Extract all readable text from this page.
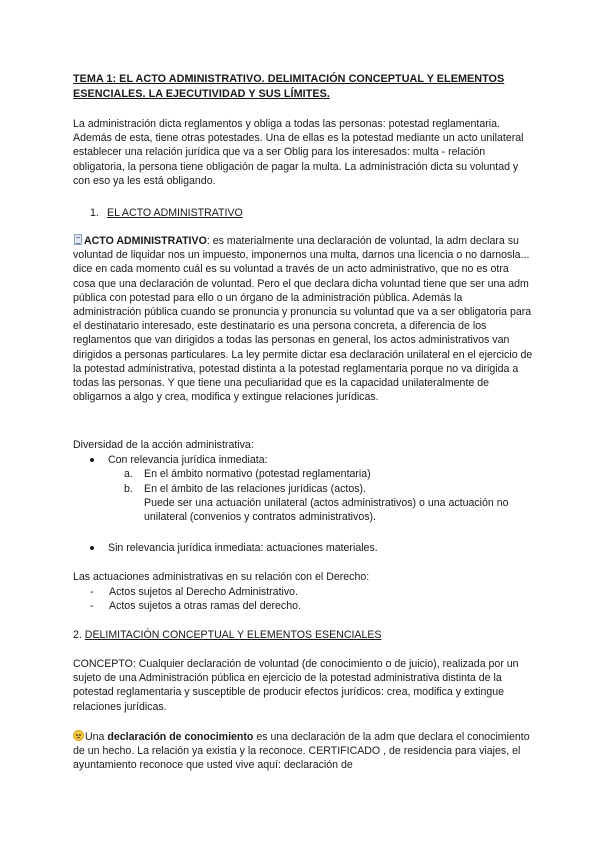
TEMA 1: EL ACTO ADMINISTRATIVO. DELIMITACIÓN CONCEPTUAL Y ELEMENTOS ESENCIALES. LA EJECUTIVIDAD Y SUS LÍMITES.

La administración dicta reglamentos y obliga a todas las personas: potestad reglamentaria. Además de esta, tiene otras potestades. Una de ellas es la potestad mediante un acto unilateral establecer una relación jurídica que va a ser Oblig para los interesados: multa - relación obligatoria, la persona tiene obligación de pagar la multa. La administración dicta su voluntad y con eso ya les está obligando.

1. EL ACTO ADMINISTRATIVO

ACTO ADMINISTRATIVO: es materialmente una declaración de voluntad, la adm declara su voluntad de liquidar nos un impuesto, imponernos una multa, darnos una licencia o no darnosla... dice en cada momento cuál es su voluntad a través de un acto administrativo, que no es otra cosa que una declaración de voluntad. Pero el que declara dicha voluntad tiene que ser una adm pública con potestad para ello o un órgano de la administración pública. Además la administración pública cuando se pronuncia y pronuncia su voluntad que va a ser obligatoria para el destinatario interesado, este destinatario es una persona concreta, a diferencia de los reglamentos que van dirigidos a todas las personas en general, los actos administrativos van dirigidos a personas particulares. La ley permite dictar esa declaración unilateral en el ejercicio de la potestad administrativa, potestad distinta a la potestad reglamentaria porque no va dirigida a todas las personas. Y que tiene una peculiaridad que es la capacidad unilateralmente de obligarnos a algo y crea, modifica y extingue relaciones jurídicas.

Diversidad de la acción administrativa:

Con relevancia jurídica inmediata:
a. En el ámbito normativo (potestad reglamentaria)
b. En el ámbito de las relaciones jurídicas (actos).
Puede ser una actuación unilateral (actos administrativos) o una actuación no unilateral (convenios y contratos administrativos).
Sin relevancia jurídica inmediata: actuaciones materiales.

Las actuaciones administrativas en su relación con el Derecho:

- Actos sujetos al Derecho Administrativo.
- Actos sujetos a otras ramas del derecho.
2. DELIMITACIÓN CONCEPTUAL Y ELEMENTOS ESENCIALES

CONCEPTO: Cualquier declaración de voluntad (de conocimiento o de juicio), realizada por un sujeto de una Administración pública en ejercicio de la potestad administrativa distinta de la potestad reglamentaria y susceptible de producir efectos jurídicos: crea, modifica y extingue relaciones jurídicas.

Una declaración de conocimiento es una declaración de la adm que declara el conocimiento de un hecho. La relación ya existía y la reconoce. CERTIFICADO , de residencia para viajes, el ayuntamiento reconoce que usted vive aquí: declaración de
